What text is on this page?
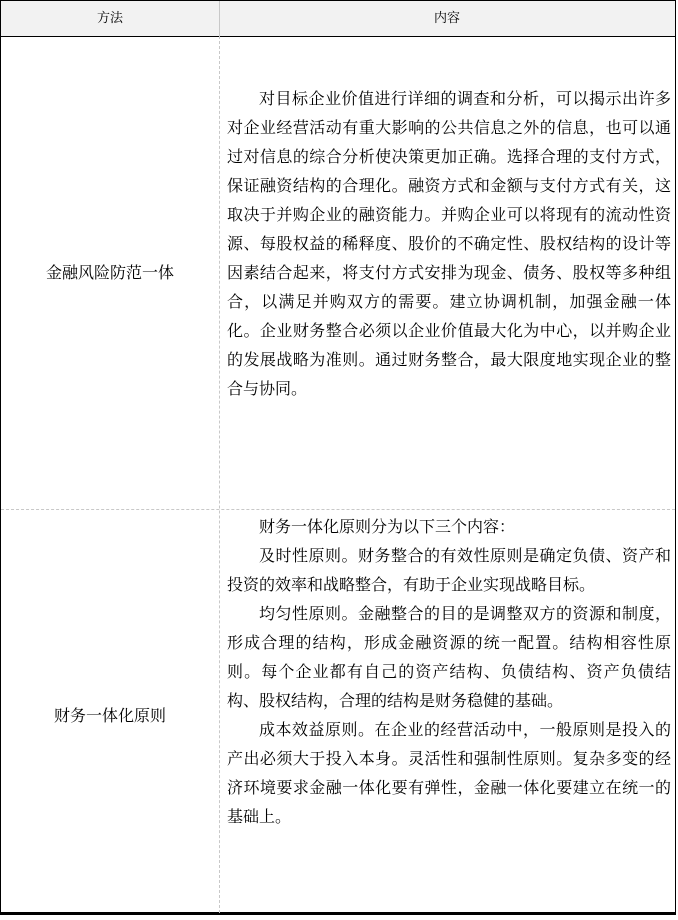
方法	内容
金融风险防范一体

对目标企业价值进行详细的调查和分析，可以揭示出许多对企业经营活动有重大影响的公共信息之外的信息，也可以通过对信息的综合分析使决策更加正确。选择合理的支付方式，保证融资结构的合理化。融资方式和金额与支付方式有关，这取决于并购企业的融资能力。并购企业可以将现有的流动性资源、每股权益的稀释度、股价的不确定性、股权结构的设计等因素结合起来，将支付方式安排为现金、债务、股权等多种组合，以满足并购双方的需要。建立协调机制，加强金融一体化。企业财务整合必须以企业价值最大化为中心，以并购企业的发展战略为准则。通过财务整合，最大限度地实现企业的整合与协同。

财务一体化原则

财务一体化原则分为以下三个内容：

及时性原则。财务整合的有效性原则是确定负债、资产和投资的效率和战略整合，有助于企业实现战略目标。

均匀性原则。金融整合的目的是调整双方的资源和制度，形成合理的结构，形成金融资源的统一配置。结构相容性原则。每个企业都有自己的资产结构、负债结构、资产负债结构、股权结构，合理的结构是财务稳健的基础。

成本效益原则。在企业的经营活动中，一般原则是投入的产出必须大于投入本身。灵活性和强制性原则。复杂多变的经济环境要求金融一体化要有弹性，金融一体化要建立在统一的基础上。
